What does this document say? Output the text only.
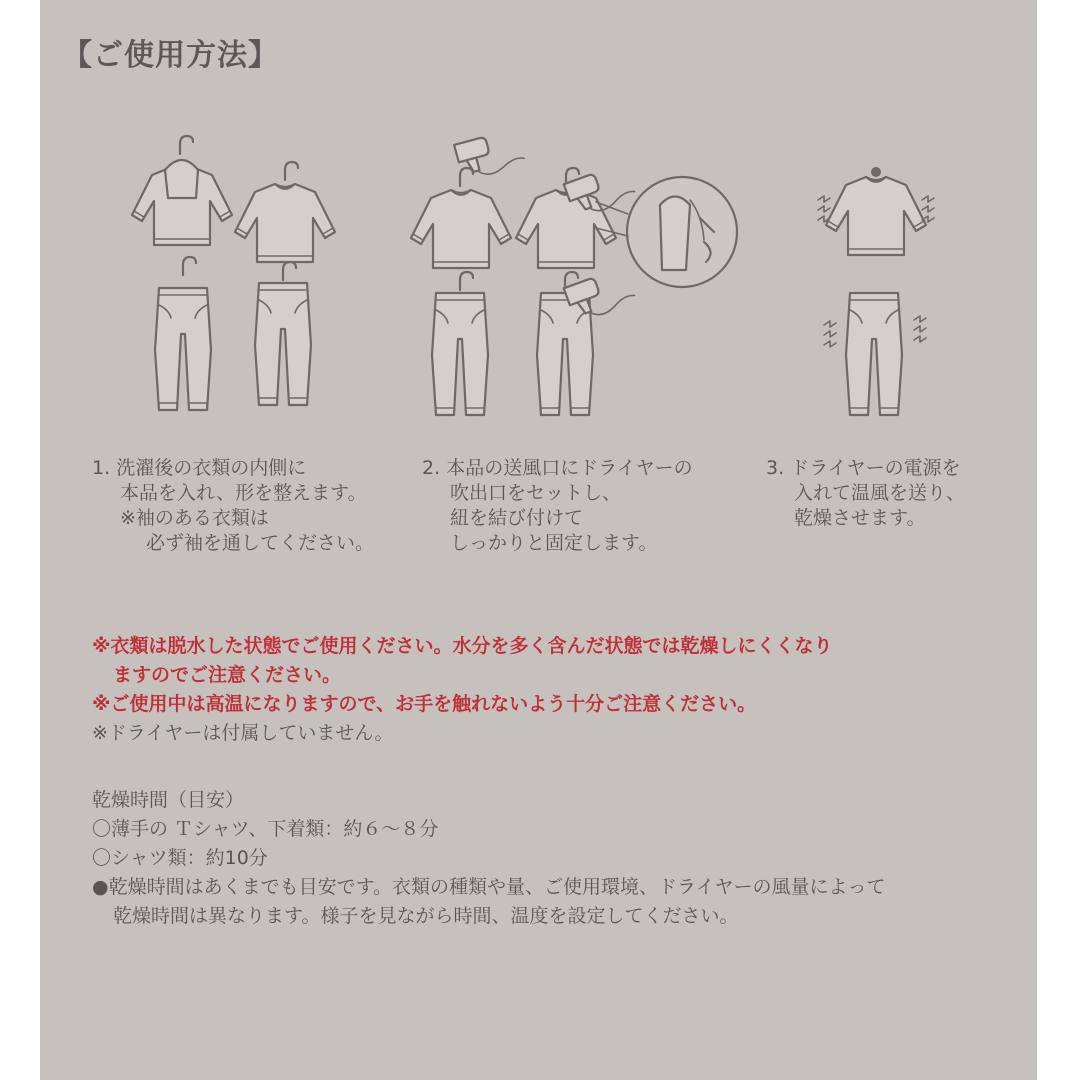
【ご使用方法】
1. 洗濯後の衣類の内側に
本品を入れ、形を整えます。
※袖のある衣類は
必ず袖を通してください。
2. 本品の送風口にドライヤーの
吹出口をセットし、
紐を結び付けて
しっかりと固定します。
3. ドライヤーの電源を
入れて温風を送り、
乾燥させます。
※衣類は脱水した状態でご使用ください。水分を多く含んだ状態では乾燥しにくくなり
ますのでご注意ください。
※ご使用中は高温になりますので、お手を触れないよう十分ご注意ください。
※ドライヤーは付属していません。
乾燥時間（目安）
〇薄手の Ｔシャツ、下着類：約６～８分
〇シャツ類：約10分
●乾燥時間はあくまでも目安です。衣類の種類や量、ご使用環境、ドライヤーの風量によって
乾燥時間は異なります。様子を見ながら時間、温度を設定してください。
